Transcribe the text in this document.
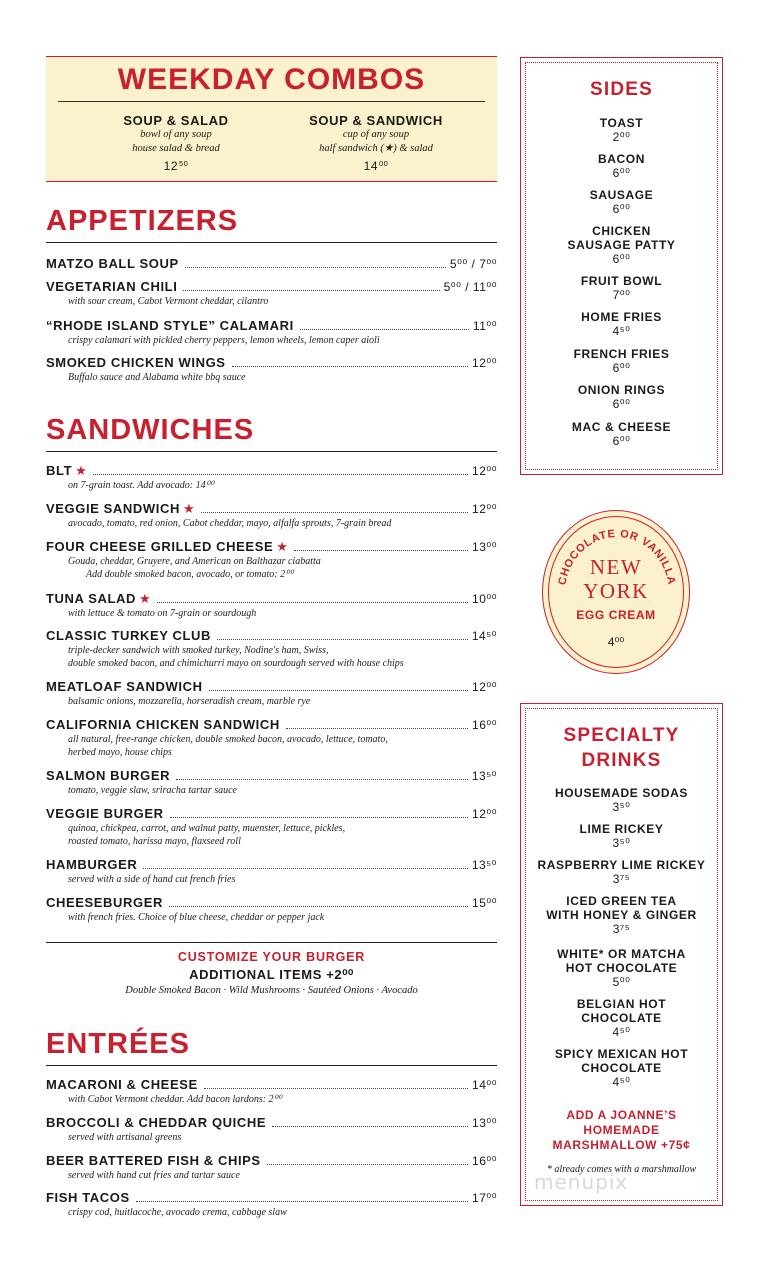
WEEKDAY COMBOS
SOUP & SALAD
bowl of any soup
house salad & bread
$12^{50}$
SOUP & SANDWICH
cup of any soup
half sandwich (★) & salad
$14^{00}$
APPETIZERS
SANDWICHES
CUSTOMIZE YOUR BURGER
ADDITIONAL ITEMS +2⁰⁰
Double Smoked Bacon · Wild Mushrooms · Sautéed Onions · Avocado
ENTRÉES
SIDES
TOAST
2⁰⁰
BACON
6⁰⁰
SAUSAGE
6⁰⁰
CHICKEN
SAUSAGE PATTY
6⁰⁰
FRUIT BOWL
7⁰⁰
HOME FRIES
4⁵⁰
FRENCH FRIES
6⁰⁰
ONION RINGS
6⁰⁰
MAC & CHEESE
6⁰⁰
CHOCOLATE OR VANILLA
NEW
YORK
EGG CREAM
4⁰⁰
SPECIALTY
DRINKS
HOUSEMADE SODAS
3⁵⁰
LIME RICKEY
3⁵⁰
RASPBERRY LIME RICKEY
3⁷⁵
ICED GREEN TEA
WITH HONEY & GINGER
3⁷⁵
WHITE* OR MATCHA
HOT CHOCOLATE
5⁰⁰
BELGIAN HOT
CHOCOLATE
4⁵⁰
SPICY MEXICAN HOT
CHOCOLATE
4⁵⁰
ADD A JOANNE’S
HOMEMADE
MARSHMALLOW +75¢
* already comes with a marshmallow
menupix
MATZO BALL SOUP	5⁰⁰ / 7⁰⁰
VEGETARIAN CHILI	5⁰⁰ / 11⁰⁰
with sour cream, Cabot Vermont cheddar, cilantro
“RHODE ISLAND STYLE” CALAMARI	11⁰⁰
crispy calamari with pickled cherry peppers, lemon wheels, lemon caper aioli
SMOKED CHICKEN WINGS	12⁰⁰
Buffalo sauce and Alabama white bbq sauce
BLT ★	12⁰⁰
on 7-grain toast. Add avocado: 14⁰⁰
VEGGIE SANDWICH ★	12⁰⁰
avocado, tomato, red onion, Cabot cheddar, mayo, alfalfa sprouts, 7-grain bread
FOUR CHEESE GRILLED CHEESE ★	13⁰⁰
Gouda, cheddar, Gruyere, and American on Balthazar ciabatta
Add double smoked bacon, avocado, or tomato: 2⁰⁰
TUNA SALAD ★	10⁰⁰
with lettuce & tomato on 7-grain or sourdough
CLASSIC TURKEY CLUB	14⁵⁰
triple-decker sandwich with smoked turkey, Nodine's ham, Swiss,
double smoked bacon, and chimichurri mayo on sourdough served with house chips
MEATLOAF SANDWICH	12⁰⁰
balsamic onions, mozzarella, horseradish cream, marble rye
CALIFORNIA CHICKEN SANDWICH	16⁰⁰
all natural, free-range chicken, double smoked bacon, avocado, lettuce, tomato,
herbed mayo, house chips
SALMON BURGER	13⁵⁰
tomato, veggie slaw, sriracha tartar sauce
VEGGIE BURGER	12⁰⁰
quinoa, chickpea, carrot, and walnut patty, muenster, lettuce, pickles,
roasted tomato, harissa mayo, flaxseed roll
HAMBURGER	13⁵⁰
served with a side of hand cut french fries
CHEESEBURGER	15⁰⁰
with french fries. Choice of blue cheese, cheddar or pepper jack
MACARONI & CHEESE	14⁰⁰
with Cabot Vermont cheddar. Add bacon lardons: 2⁰⁰
BROCCOLI & CHEDDAR QUICHE	13⁰⁰
served with artisanal greens
BEER BATTERED FISH & CHIPS	16⁰⁰
served with hand cut fries and tartar sauce
FISH TACOS	17⁰⁰
crispy cod, huitlacoche, avocado crema, cabbage slaw
